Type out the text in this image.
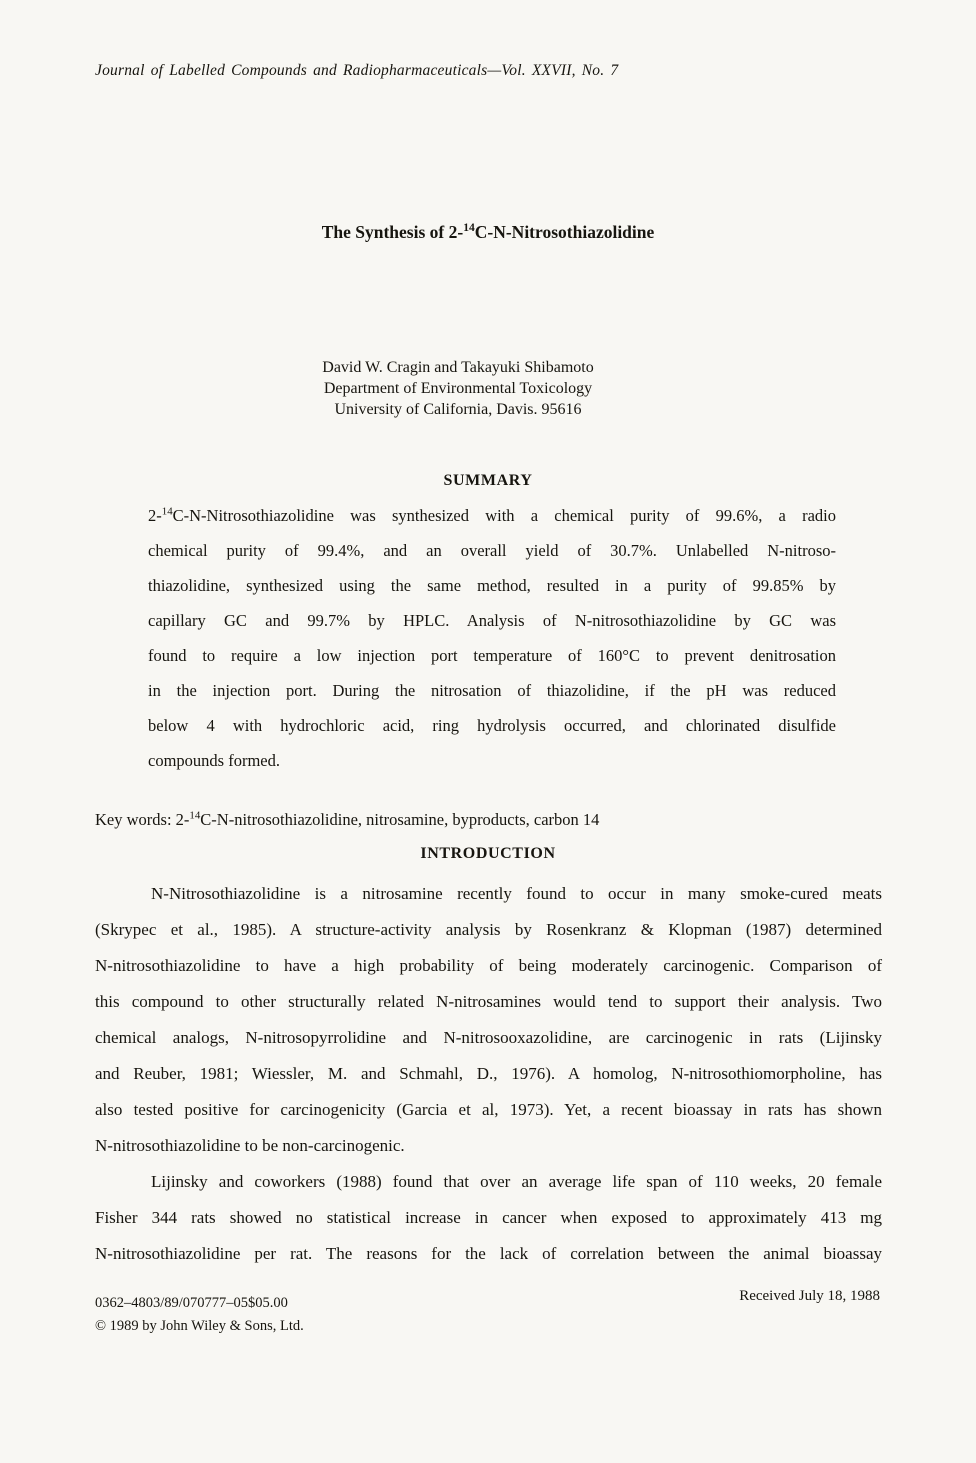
Journal of Labelled Compounds and Radiopharmaceuticals—Vol. XXVII, No. 7
The Synthesis of 2-$^{14}$C-N-Nitrosothiazolidine
David W. Cragin and Takayuki Shibamoto
Department of Environmental Toxicology
University of California, Davis. 95616
SUMMARY
2-$^{14}$C-N-Nitrosothiazolidine was synthesized with a chemical purity of 99.6%, a radio
chemical purity of 99.4%, and an overall yield of 30.7%. Unlabelled N-nitroso-
thiazolidine, synthesized using the same method, resulted in a purity of 99.85% by
capillary GC and 99.7% by HPLC. Analysis of N-nitrosothiazolidine by GC was
found to require a low injection port temperature of 160°C to prevent denitrosation
in the injection port. During the nitrosation of thiazolidine, if the pH was reduced
below 4 with hydrochloric acid, ring hydrolysis occurred, and chlorinated disulfide
compounds formed.
Key words: 2-$^{14}$C-N-nitrosothiazolidine, nitrosamine, byproducts, carbon 14
INTRODUCTION
N-Nitrosothiazolidine is a nitrosamine recently found to occur in many smoke-cured meats
(Skrypec et al., 1985). A structure-activity analysis by Rosenkranz & Klopman (1987) determined
N-nitrosothiazolidine to have a high probability of being moderately carcinogenic. Comparison of
this compound to other structurally related N-nitrosamines would tend to support their analysis. Two
chemical analogs, N-nitrosopyrrolidine and N-nitrosooxazolidine, are carcinogenic in rats (Lijinsky
and Reuber, 1981; Wiessler, M. and Schmahl, D., 1976). A homolog, N-nitrosothiomorpholine, has
also tested positive for carcinogenicity (Garcia et al, 1973). Yet, a recent bioassay in rats has shown
N-nitrosothiazolidine to be non-carcinogenic.
Lijinsky and coworkers (1988) found that over an average life span of 110 weeks, 20 female
Fisher 344 rats showed no statistical increase in cancer when exposed to approximately 413 mg
N-nitrosothiazolidine per rat. The reasons for the lack of correlation between the animal bioassay
0362–4803/89/070777–05$05.00
© 1989 by John Wiley & Sons, Ltd.
Received July 18, 1988
